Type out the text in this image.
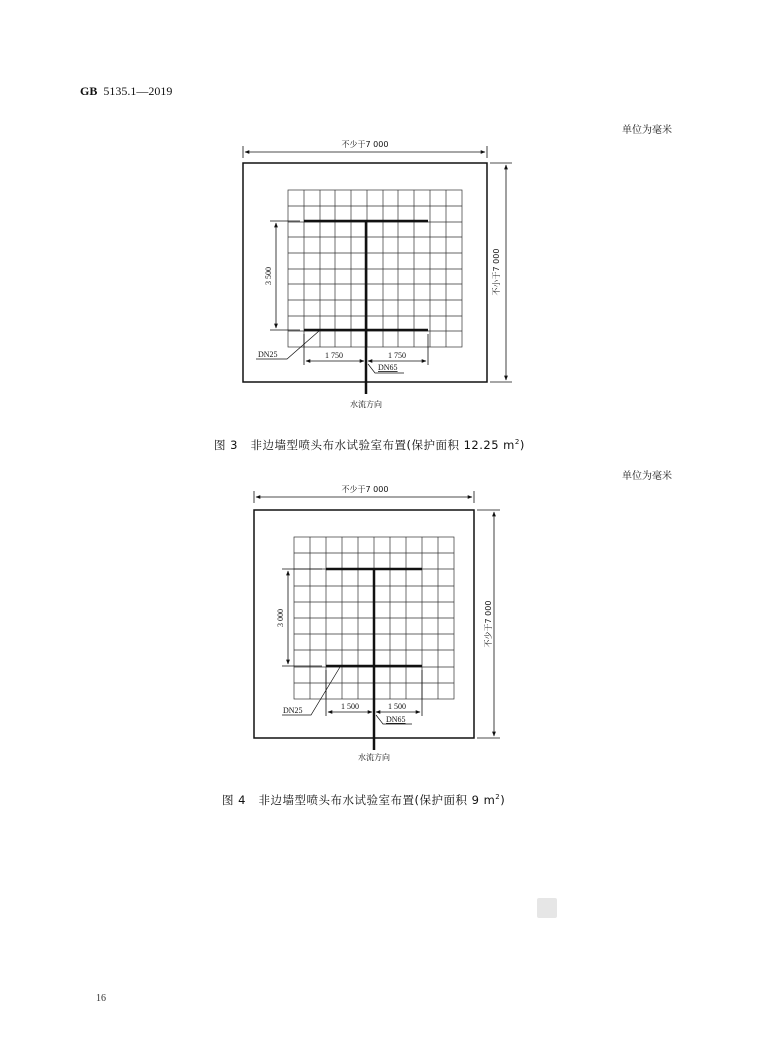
GB 5135.1—2019
单位为毫米
不少于7 000
不小于7 000
3 500
1 750	1 750
DN25
DN65
水流方向
不少于7 000
不少于7 000
3 000
1 500	1 500
DN25
DN65
水流方向
图 3 非边墙型喷头布水试验室布置(保护面积 12.25 $m^2$)
单位为毫米
图 4 非边墙型喷头布水试验室布置(保护面积 9 $m^2$)
16
